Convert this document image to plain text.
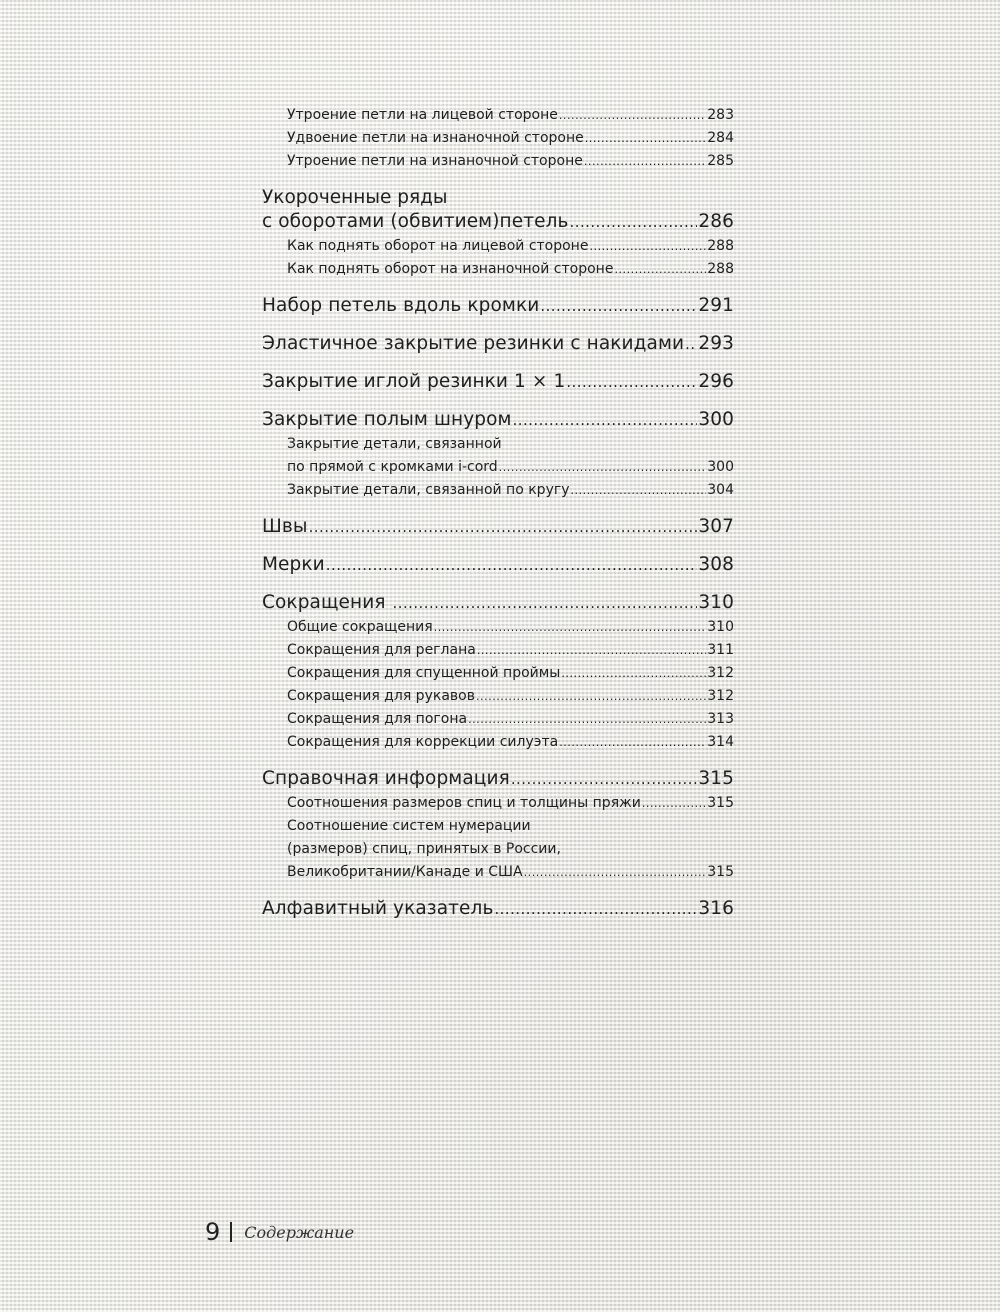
Утроение петли на лицевой стороне .....	283
Удвоение петли на изнаночной стороне .....	284
Утроение петли на изнаночной стороне .....	285
Укороченные ряды
с оборотами (обвитием)петель .....	286
Как поднять оборот на лицевой стороне .....	288
Как поднять оборот на изнаночной стороне .....	288
Набор петель вдоль кромки .....	291
Эластичное закрытие резинки с накидами ..... 293
Закрытие иглой резинки 1 × 1 .....	296
Закрытие полым шнуром .....	300
Закрытие детали, связанной
по прямой с кромками i-cord .....	300
Закрытие детали, связанной по кругу .....	304
Швы .....	307
Мерки .....	308
Сокращения .....	310
Общие сокращения .....	310
Сокращения для реглана .....	311
Сокращения для спущенной проймы .....	312
Сокращения для рукавов .....	312
Сокращения для погона .....	313
Сокращения для коррекции силуэта .....	314
Справочная информация .....	315
Соотношения размеров спиц и толщины пряжи .....	315
Соотношение систем нумерации
(размеров) спиц, принятых в России,
Великобритании/Канаде и США .....	315
Алфавитный указатель .....	316
9 Содержание
